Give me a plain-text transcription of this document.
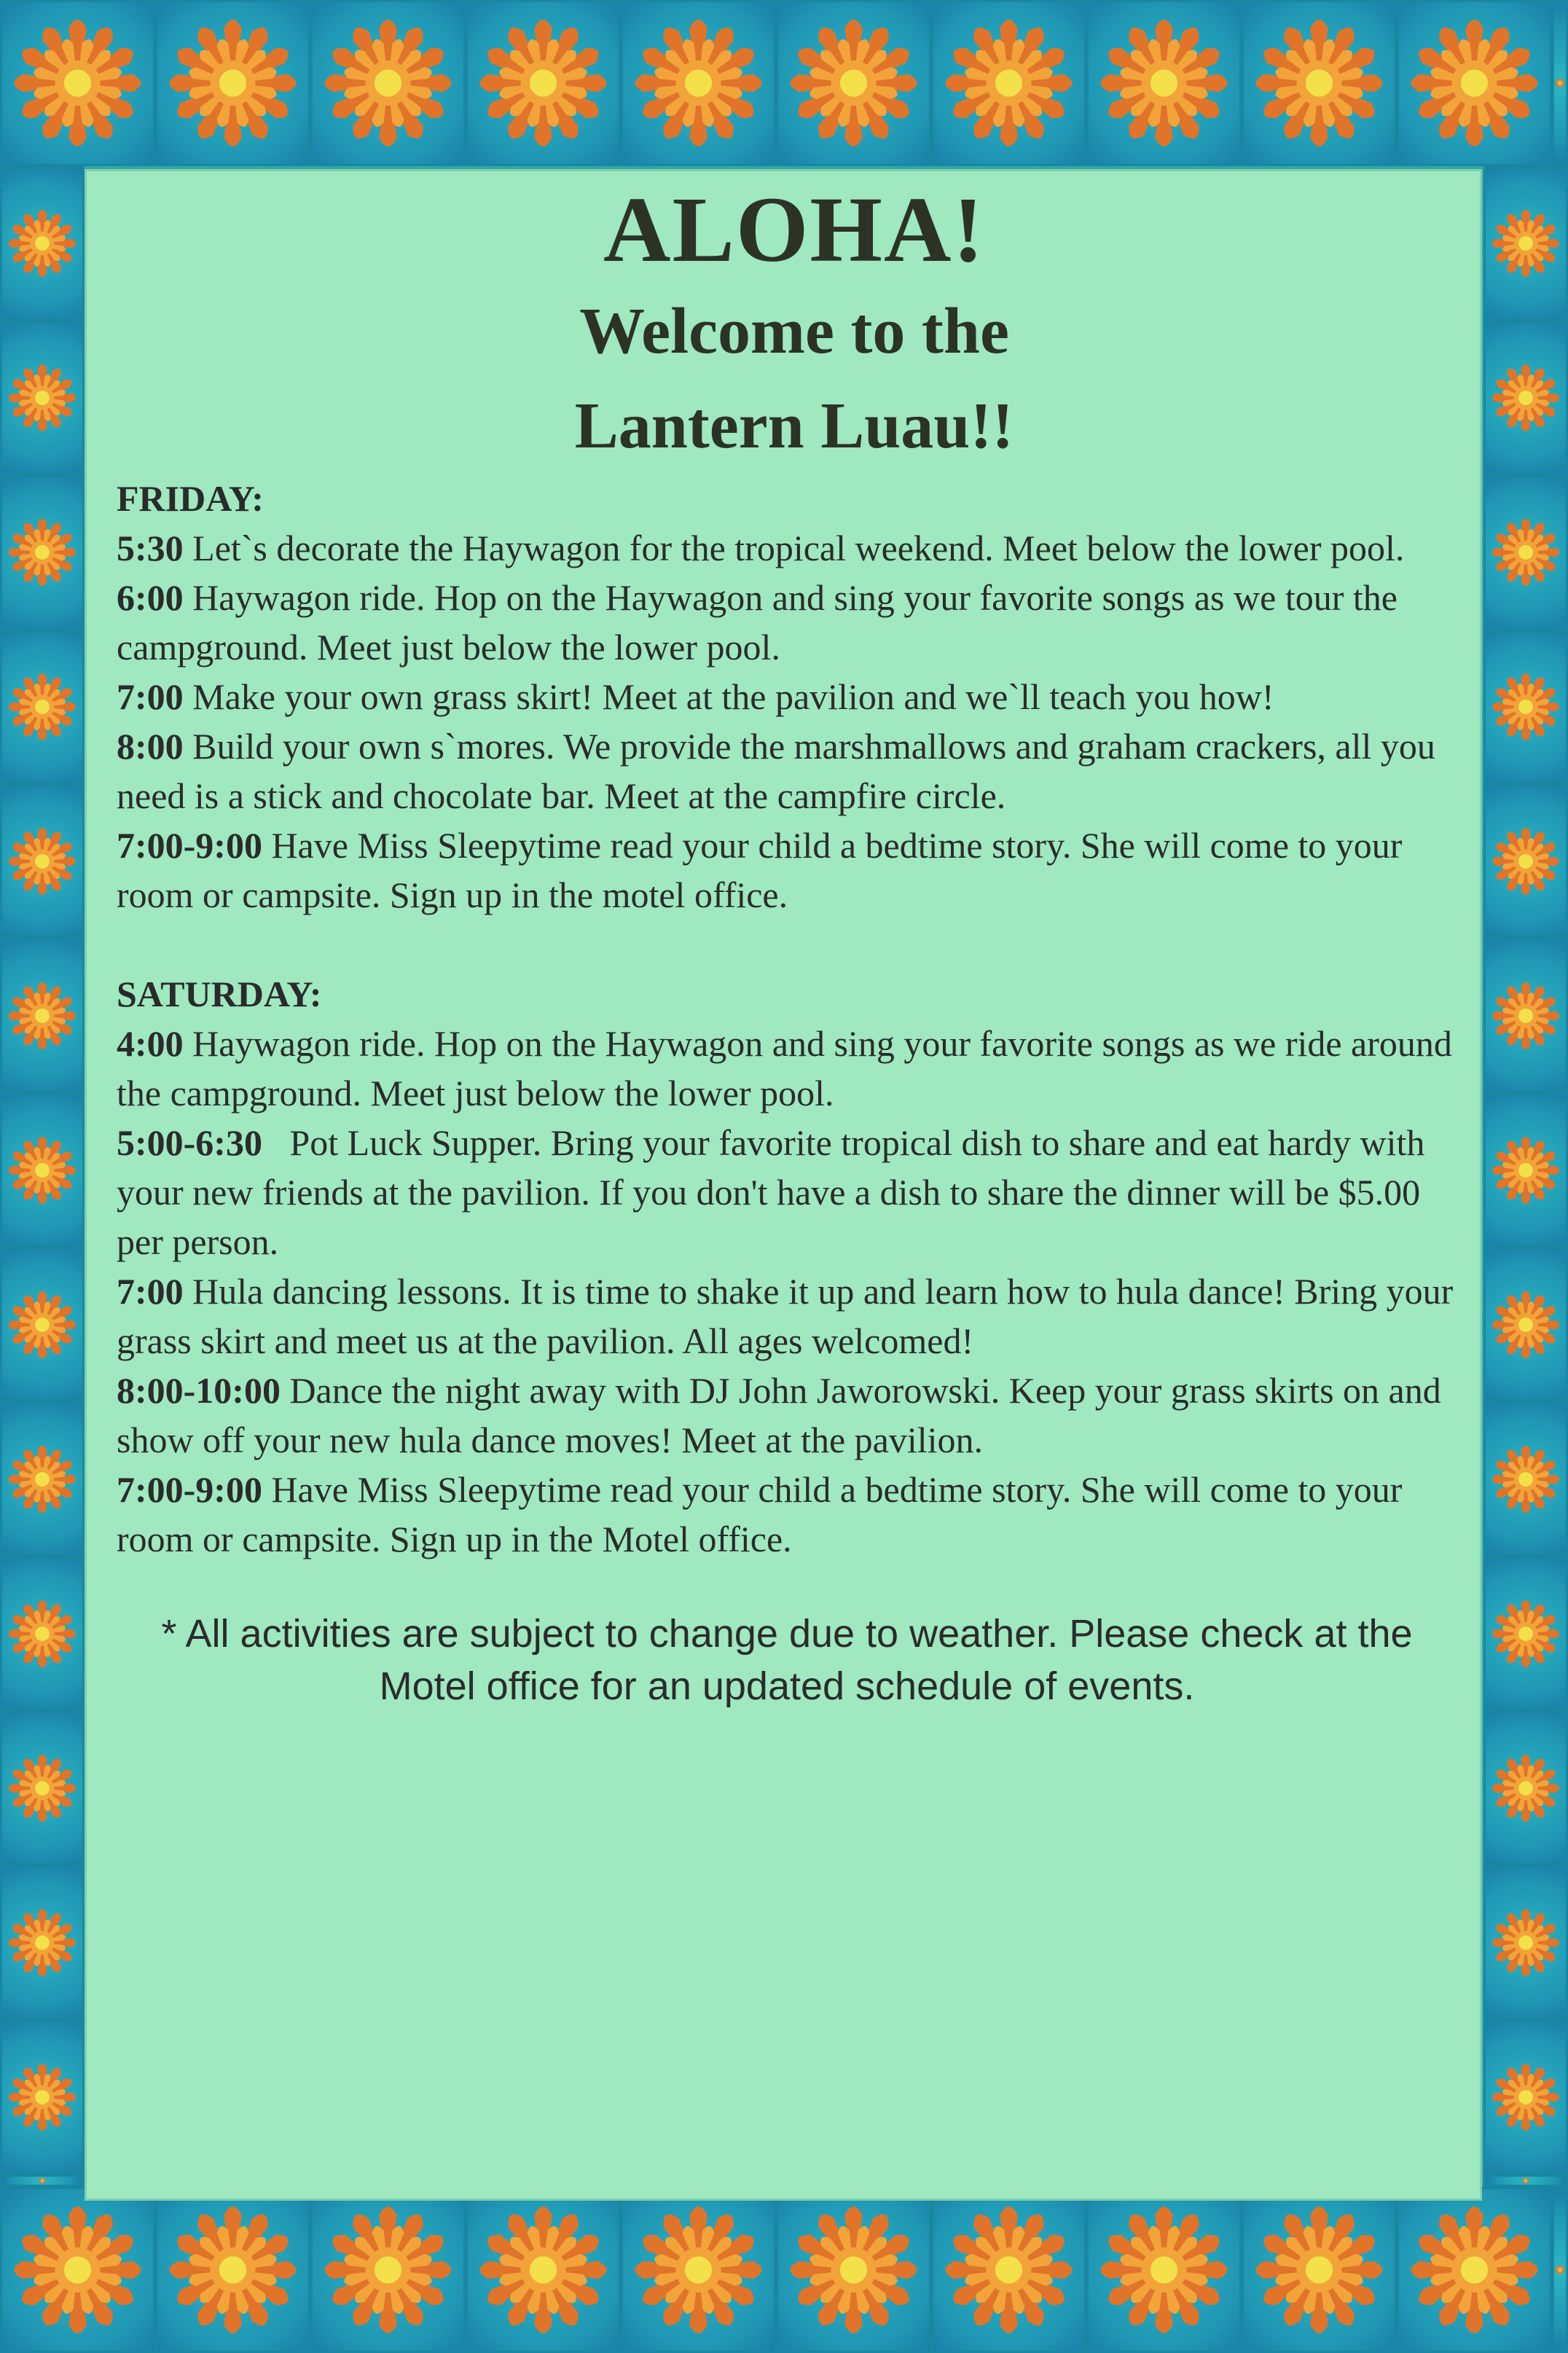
ALOHA!
Welcome to the
Lantern Luau!!
FRIDAY:
5:30 Let`s decorate the Haywagon for the tropical weekend. Meet below the lower pool.
6:00 Haywagon ride. Hop on the Haywagon and sing your favorite songs as we tour the campground. Meet just below the lower pool.
7:00 Make your own grass skirt! Meet at the pavilion and we`ll teach you how!
8:00 Build your own s`mores. We provide the marshmallows and graham crackers, all you need is a stick and chocolate bar. Meet at the campfire circle.
7:00-9:00 Have Miss Sleepytime read your child a bedtime story. She will come to your room or campsite. Sign up in the motel office.
SATURDAY:
4:00 Haywagon ride. Hop on the Haywagon and sing your favorite songs as we ride around the campground. Meet just below the lower pool.
5:00-6:30 Pot Luck Supper. Bring your favorite tropical dish to share and eat hardy with your new friends at the pavilion. If you don't have a dish to share the dinner will be $5.00 per person.
7:00 Hula dancing lessons. It is time to shake it up and learn how to hula dance! Bring your grass skirt and meet us at the pavilion. All ages welcomed!
8:00-10:00 Dance the night away with DJ John Jaworowski. Keep your grass skirts on and show off your new hula dance moves! Meet at the pavilion.
7:00-9:00 Have Miss Sleepytime read your child a bedtime story. She will come to your room or campsite. Sign up in the Motel office.
* All activities are subject to change due to weather. Please check at the Motel office for an updated schedule of events.
